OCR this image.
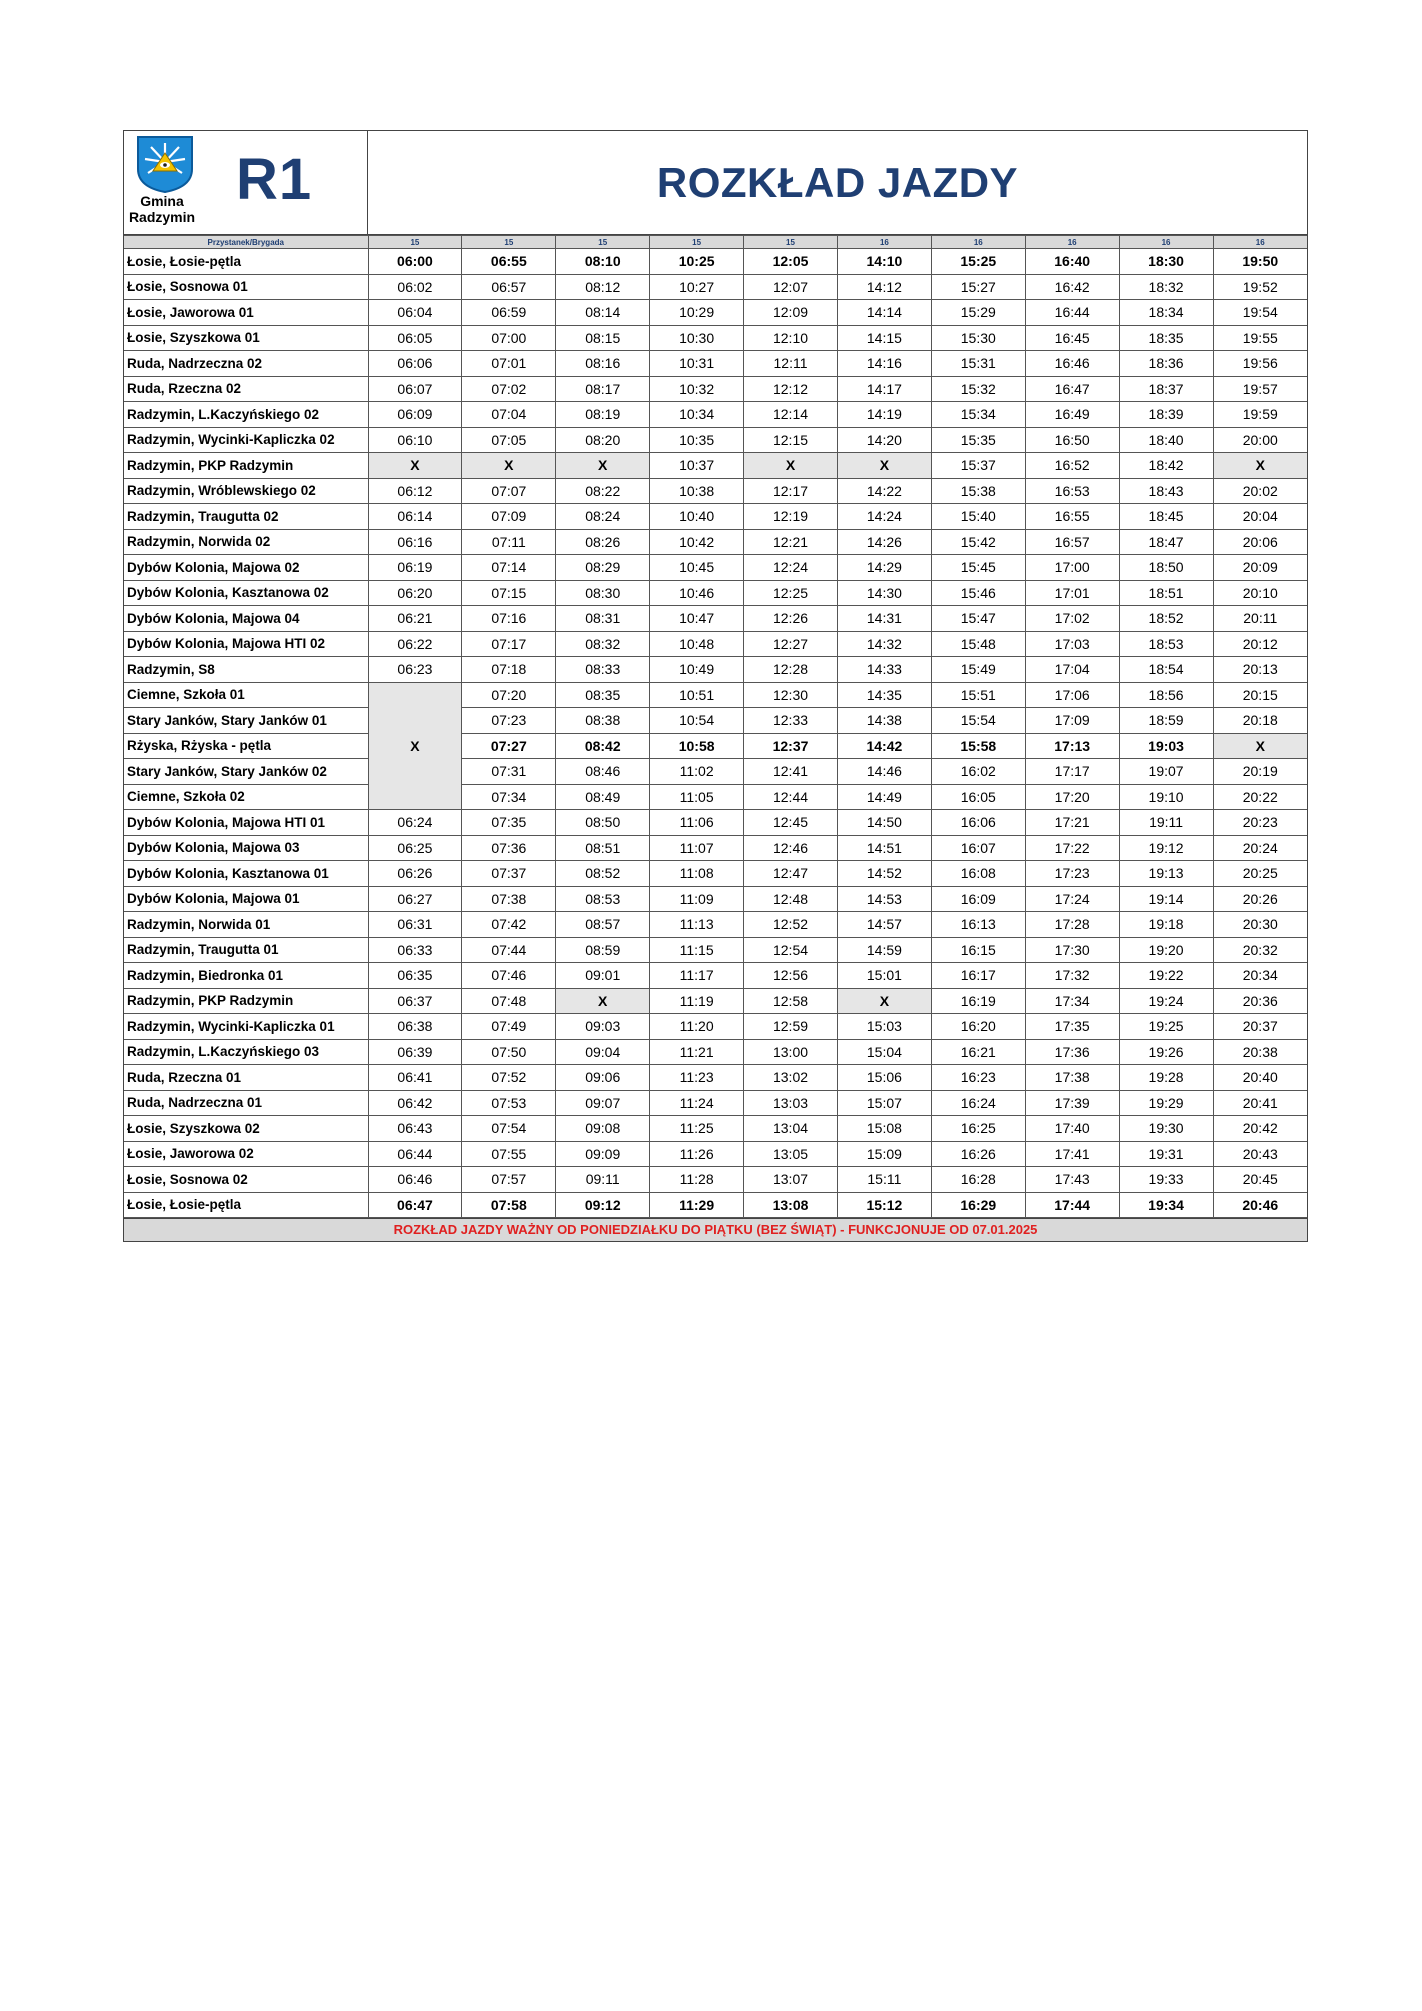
Gmina
Radzymin
R1	ROZKŁAD JAZDY
Przystanek/Brygada	15	15	15	15	15	16	16	16	16	16
Łosie, Łosie-pętla	06:00	06:55	08:10	10:25	12:05	14:10	15:25	16:40	18:30	19:50
Łosie, Sosnowa 01	06:02	06:57	08:12	10:27	12:07	14:12	15:27	16:42	18:32	19:52
Łosie, Jaworowa 01	06:04	06:59	08:14	10:29	12:09	14:14	15:29	16:44	18:34	19:54
Łosie, Szyszkowa 01	06:05	07:00	08:15	10:30	12:10	14:15	15:30	16:45	18:35	19:55
Ruda, Nadrzeczna 02	06:06	07:01	08:16	10:31	12:11	14:16	15:31	16:46	18:36	19:56
Ruda, Rzeczna 02	06:07	07:02	08:17	10:32	12:12	14:17	15:32	16:47	18:37	19:57
Radzymin, L.Kaczyńskiego 02	06:09	07:04	08:19	10:34	12:14	14:19	15:34	16:49	18:39	19:59
Radzymin, Wycinki-Kapliczka 02	06:10	07:05	08:20	10:35	12:15	14:20	15:35	16:50	18:40	20:00
Radzymin, PKP Radzymin	X	X	X	10:37	X	X	15:37	16:52	18:42	X
Radzymin, Wróblewskiego 02	06:12	07:07	08:22	10:38	12:17	14:22	15:38	16:53	18:43	20:02
Radzymin, Traugutta 02	06:14	07:09	08:24	10:40	12:19	14:24	15:40	16:55	18:45	20:04
Radzymin, Norwida 02	06:16	07:11	08:26	10:42	12:21	14:26	15:42	16:57	18:47	20:06
Dybów Kolonia, Majowa 02	06:19	07:14	08:29	10:45	12:24	14:29	15:45	17:00	18:50	20:09
Dybów Kolonia, Kasztanowa 02	06:20	07:15	08:30	10:46	12:25	14:30	15:46	17:01	18:51	20:10
Dybów Kolonia, Majowa 04	06:21	07:16	08:31	10:47	12:26	14:31	15:47	17:02	18:52	20:11
Dybów Kolonia, Majowa HTI 02	06:22	07:17	08:32	10:48	12:27	14:32	15:48	17:03	18:53	20:12
Radzymin, S8	06:23	07:18	08:33	10:49	12:28	14:33	15:49	17:04	18:54	20:13
Ciemne, Szkoła 01	X	07:20	08:35	10:51	12:30	14:35	15:51	17:06	18:56	20:15
Stary Janków, Stary Janków 01		07:23	08:38	10:54	12:33	14:38	15:54	17:09	18:59	20:18
Rżyska, Rżyska - pętla		07:27	08:42	10:58	12:37	14:42	15:58	17:13	19:03	X
Stary Janków, Stary Janków 02		07:31	08:46	11:02	12:41	14:46	16:02	17:17	19:07	20:19
Ciemne, Szkoła 02		07:34	08:49	11:05	12:44	14:49	16:05	17:20	19:10	20:22
Dybów Kolonia, Majowa HTI 01	06:24	07:35	08:50	11:06	12:45	14:50	16:06	17:21	19:11	20:23
Dybów Kolonia, Majowa 03	06:25	07:36	08:51	11:07	12:46	14:51	16:07	17:22	19:12	20:24
Dybów Kolonia, Kasztanowa 01	06:26	07:37	08:52	11:08	12:47	14:52	16:08	17:23	19:13	20:25
Dybów Kolonia, Majowa 01	06:27	07:38	08:53	11:09	12:48	14:53	16:09	17:24	19:14	20:26
Radzymin, Norwida 01	06:31	07:42	08:57	11:13	12:52	14:57	16:13	17:28	19:18	20:30
Radzymin, Traugutta 01	06:33	07:44	08:59	11:15	12:54	14:59	16:15	17:30	19:20	20:32
Radzymin, Biedronka 01	06:35	07:46	09:01	11:17	12:56	15:01	16:17	17:32	19:22	20:34
Radzymin, PKP Radzymin	06:37	07:48	X	11:19	12:58	X	16:19	17:34	19:24	20:36
Radzymin, Wycinki-Kapliczka 01	06:38	07:49	09:03	11:20	12:59	15:03	16:20	17:35	19:25	20:37
Radzymin, L.Kaczyńskiego 03	06:39	07:50	09:04	11:21	13:00	15:04	16:21	17:36	19:26	20:38
Ruda, Rzeczna 01	06:41	07:52	09:06	11:23	13:02	15:06	16:23	17:38	19:28	20:40
Ruda, Nadrzeczna 01	06:42	07:53	09:07	11:24	13:03	15:07	16:24	17:39	19:29	20:41
Łosie, Szyszkowa 02	06:43	07:54	09:08	11:25	13:04	15:08	16:25	17:40	19:30	20:42
Łosie, Jaworowa 02	06:44	07:55	09:09	11:26	13:05	15:09	16:26	17:41	19:31	20:43
Łosie, Sosnowa 02	06:46	07:57	09:11	11:28	13:07	15:11	16:28	17:43	19:33	20:45
Łosie, Łosie-pętla	06:47	07:58	09:12	11:29	13:08	15:12	16:29	17:44	19:34	20:46
ROZKŁAD JAZDY WAŻNY OD PONIEDZIAŁKU DO PIĄTKU (BEZ ŚWIĄT) - FUNKCJONUJE OD 07.01.2025
